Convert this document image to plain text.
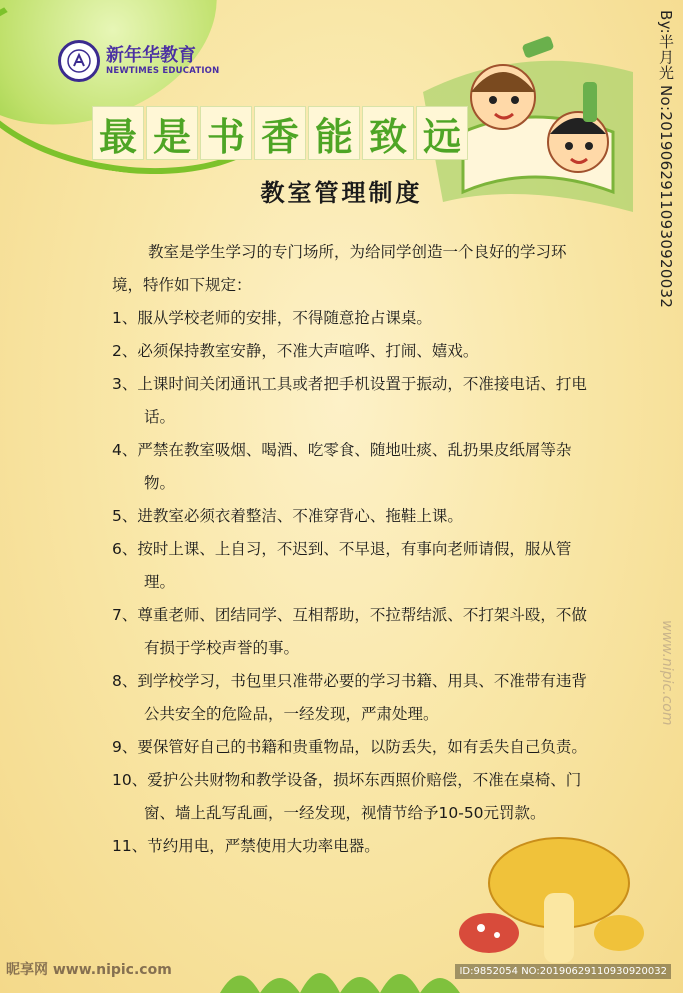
新年华教育
NEWTIMES EDUCATION
最 是 书 香 能 致 远
教室管理制度

教室是学生学习的专门场所，为给同学创造一个良好的学习环境，特作如下规定：

1、服从学校老师的安排，不得随意抢占课桌。
2、必须保持教室安静，不准大声喧哗、打闹、嬉戏。
3、上课时间关闭通讯工具或者把手机设置于振动，不准接电话、打电话。
4、严禁在教室吸烟、喝酒、吃零食、随地吐痰、乱扔果皮纸屑等杂物。
5、进教室必须衣着整洁、不准穿背心、拖鞋上课。
6、按时上课、上自习，不迟到、不早退，有事向老师请假，服从管理。
7、尊重老师、团结同学、互相帮助，不拉帮结派、不打架斗殴，不做有损于学校声誉的事。
8、到学校学习，书包里只准带必要的学习书籍、用具、不准带有违背公共安全的危险品，一经发现，严肃处理。
9、要保管好自己的书籍和贵重物品，以防丢失，如有丢失自己负责。
10、爱护公共财物和教学设备，损坏东西照价赔偿，不准在桌椅、门窗、墙上乱写乱画，一经发现，视情节给予10-50元罚款。
11、节约用电，严禁使用大功率电器。
By:半月光 No:20190629110930920032
www.nipic.com
昵享网 www.nipic.com	ID:9852054 NO:20190629110930920032
